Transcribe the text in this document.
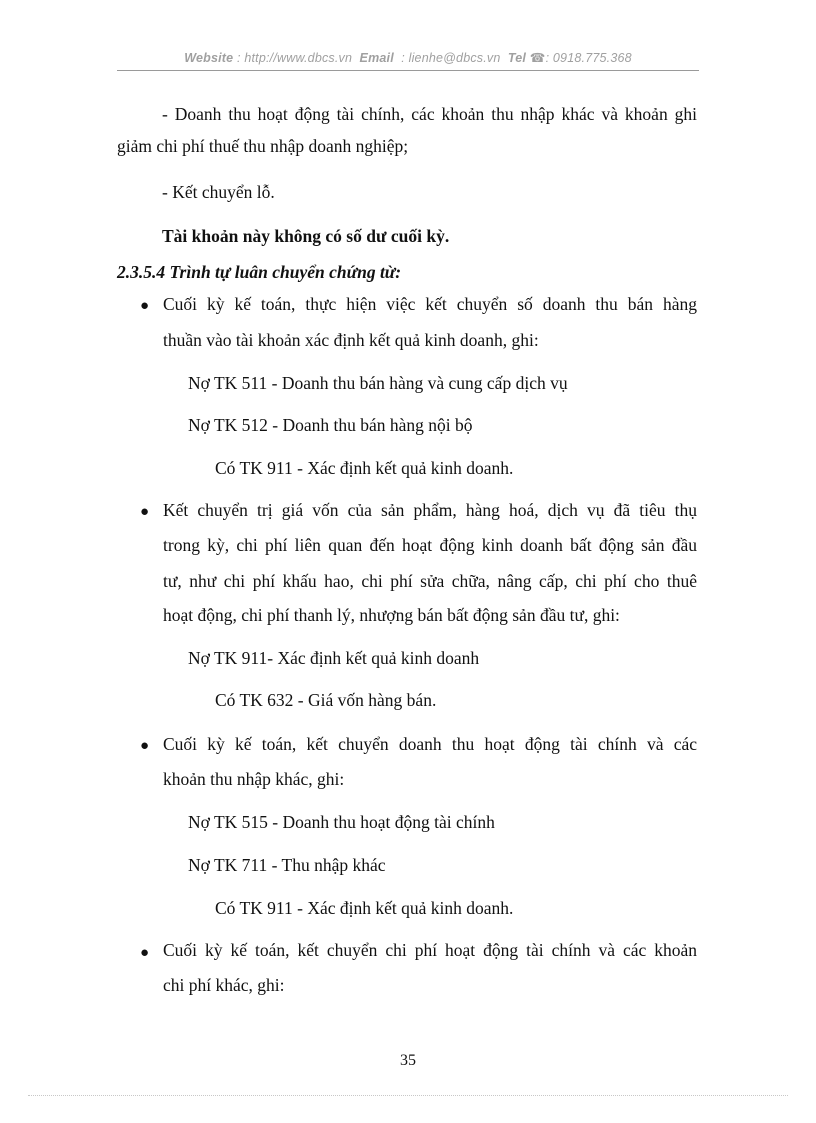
Website : http://www.dbcs.vn Email : lienhe@dbcs.vn Tel ☎: 0918.775.368
- Doanh thu hoạt động tài chính, các khoản thu nhập khác và khoản ghi
giảm chi phí thuế thu nhập doanh nghiệp;
- Kết chuyển lỗ.
Tài khoản này không có số dư cuối kỳ.
2.3.5.4 Trình tự luân chuyển chứng từ:
● Cuối kỳ kế toán, thực hiện việc kết chuyển số doanh thu bán hàng
thuần vào tài khoản xác định kết quả kinh doanh, ghi:
Nợ TK 511 - Doanh thu bán hàng và cung cấp dịch vụ
Nợ TK 512 - Doanh thu bán hàng nội bộ
Có TK 911 - Xác định kết quả kinh doanh.
● Kết chuyển trị giá vốn của sản phẩm, hàng hoá, dịch vụ đã tiêu thụ
trong kỳ, chi phí liên quan đến hoạt động kinh doanh bất động sản đầu
tư, như chi phí khấu hao, chi phí sửa chữa, nâng cấp, chi phí cho thuê
hoạt động, chi phí thanh lý, nhượng bán bất động sản đầu tư, ghi:
Nợ TK 911- Xác định kết quả kinh doanh
Có TK 632 - Giá vốn hàng bán.
● Cuối kỳ kế toán, kết chuyển doanh thu hoạt động tài chính và các
khoản thu nhập khác, ghi:
Nợ TK 515 - Doanh thu hoạt động tài chính
Nợ TK 711 - Thu nhập khác
Có TK 911 - Xác định kết quả kinh doanh.
● Cuối kỳ kế toán, kết chuyển chi phí hoạt động tài chính và các khoản
chi phí khác, ghi:
35
